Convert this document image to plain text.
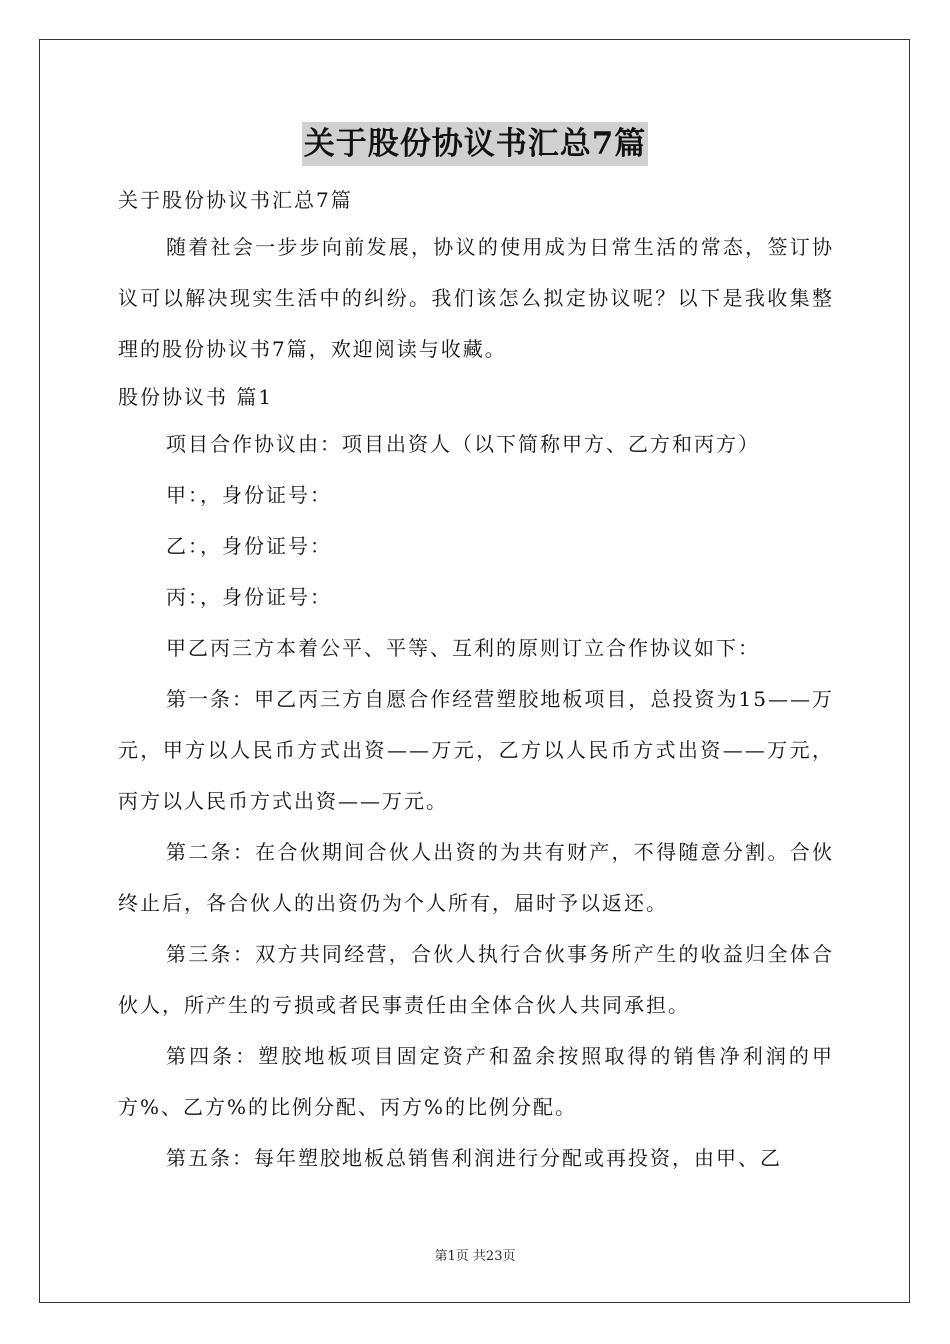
关于股份协议书汇总7篇

关于股份协议书汇总7篇

随着社会一步步向前发展，协议的使用成为日常生活的常态，签订协议可以解决现实生活中的纠纷。我们该怎么拟定协议呢？以下是我收集整理的股份协议书7篇，欢迎阅读与收藏。

股份协议书 篇1

项目合作协议由：项目出资人（以下简称甲方、乙方和丙方）

甲：，身份证号：

乙：，身份证号：

丙：，身份证号：

甲乙丙三方本着公平、平等、互利的原则订立合作协议如下：

第一条：甲乙丙三方自愿合作经营塑胶地板项目，总投资为15——万元，甲方以人民币方式出资——万元，乙方以人民币方式出资——万元，丙方以人民币方式出资——万元。

第二条：在合伙期间合伙人出资的为共有财产，不得随意分割。合伙终止后，各合伙人的出资仍为个人所有，届时予以返还。

第三条：双方共同经营，合伙人执行合伙事务所产生的收益归全体合伙人，所产生的亏损或者民事责任由全体合伙人共同承担。

第四条：塑胶地板项目固定资产和盈余按照取得的销售净利润的甲方%、乙方%的比例分配、丙方%的比例分配。

第五条：每年塑胶地板总销售利润进行分配或再投资，由甲、乙

第1页 共23页
